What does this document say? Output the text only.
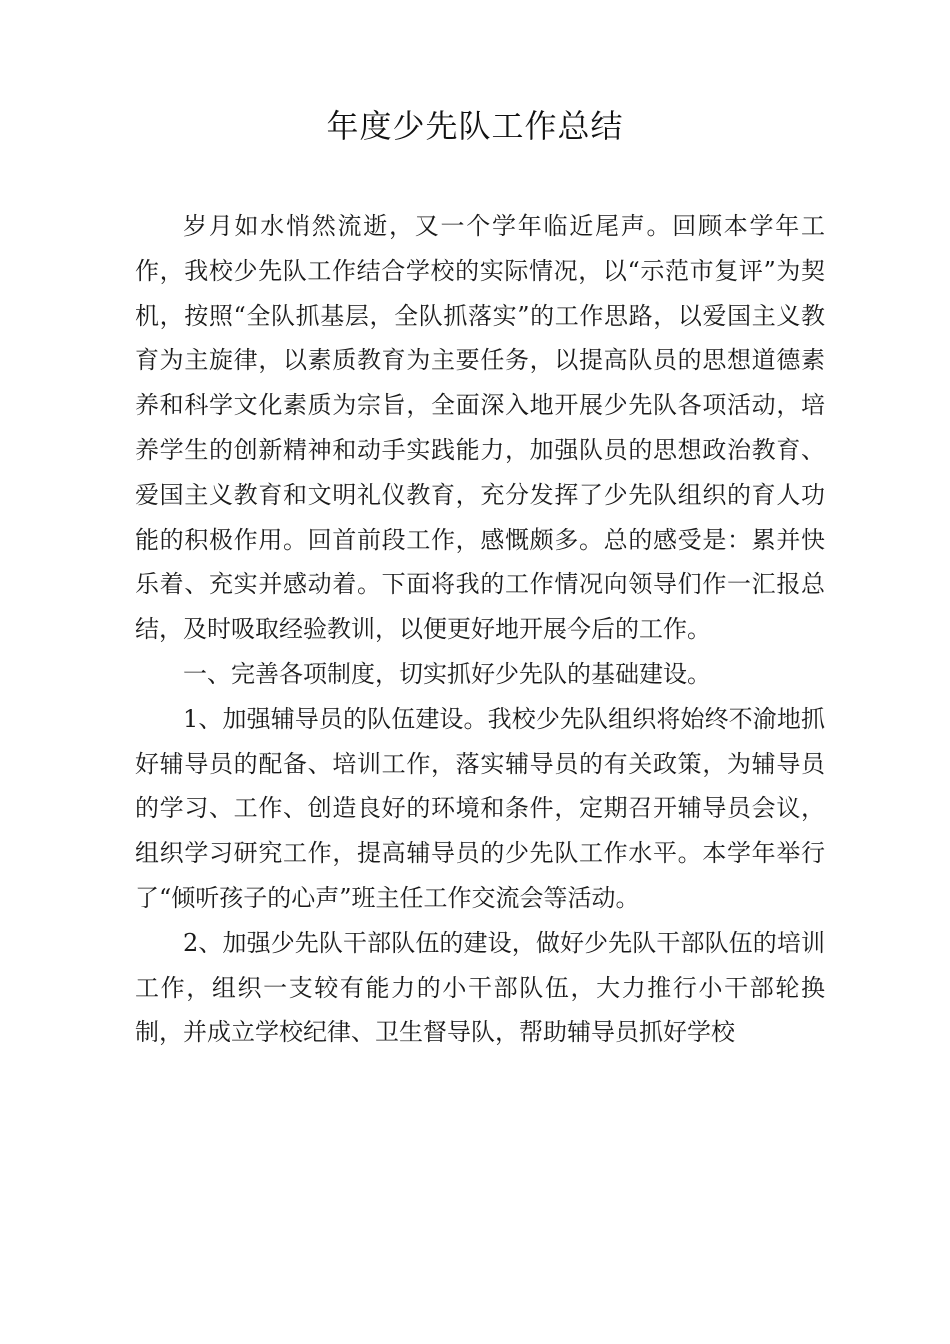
年度少先队工作总结

岁月如水悄然流逝，又一个学年临近尾声。回顾本学年工作，我校少先队工作结合学校的实际情况，以“示范市复评”为契机，按照“全队抓基层，全队抓落实”的工作思路，以爱国主义教育为主旋律，以素质教育为主要任务，以提高队员的思想道德素养和科学文化素质为宗旨，全面深入地开展少先队各项活动，培养学生的创新精神和动手实践能力，加强队员的思想政治教育、爱国主义教育和文明礼仪教育，充分发挥了少先队组织的育人功能的积极作用。回首前段工作，感慨颇多。总的感受是：累并快乐着、充实并感动着。下面将我的工作情况向领导们作一汇报总结，及时吸取经验教训，以便更好地开展今后的工作。

一、完善各项制度，切实抓好少先队的基础建设。

1、加强辅导员的队伍建设。我校少先队组织将始终不渝地抓好辅导员的配备、培训工作，落实辅导员的有关政策，为辅导员的学习、工作、创造良好的环境和条件，定期召开辅导员会议，组织学习研究工作，提高辅导员的少先队工作水平。本学年举行了“倾听孩子的心声”班主任工作交流会等活动。

2、加强少先队干部队伍的建设，做好少先队干部队伍的培训工作，组织一支较有能力的小干部队伍，大力推行小干部轮换制，并成立学校纪律、卫生督导队，帮助辅导员抓好学校
